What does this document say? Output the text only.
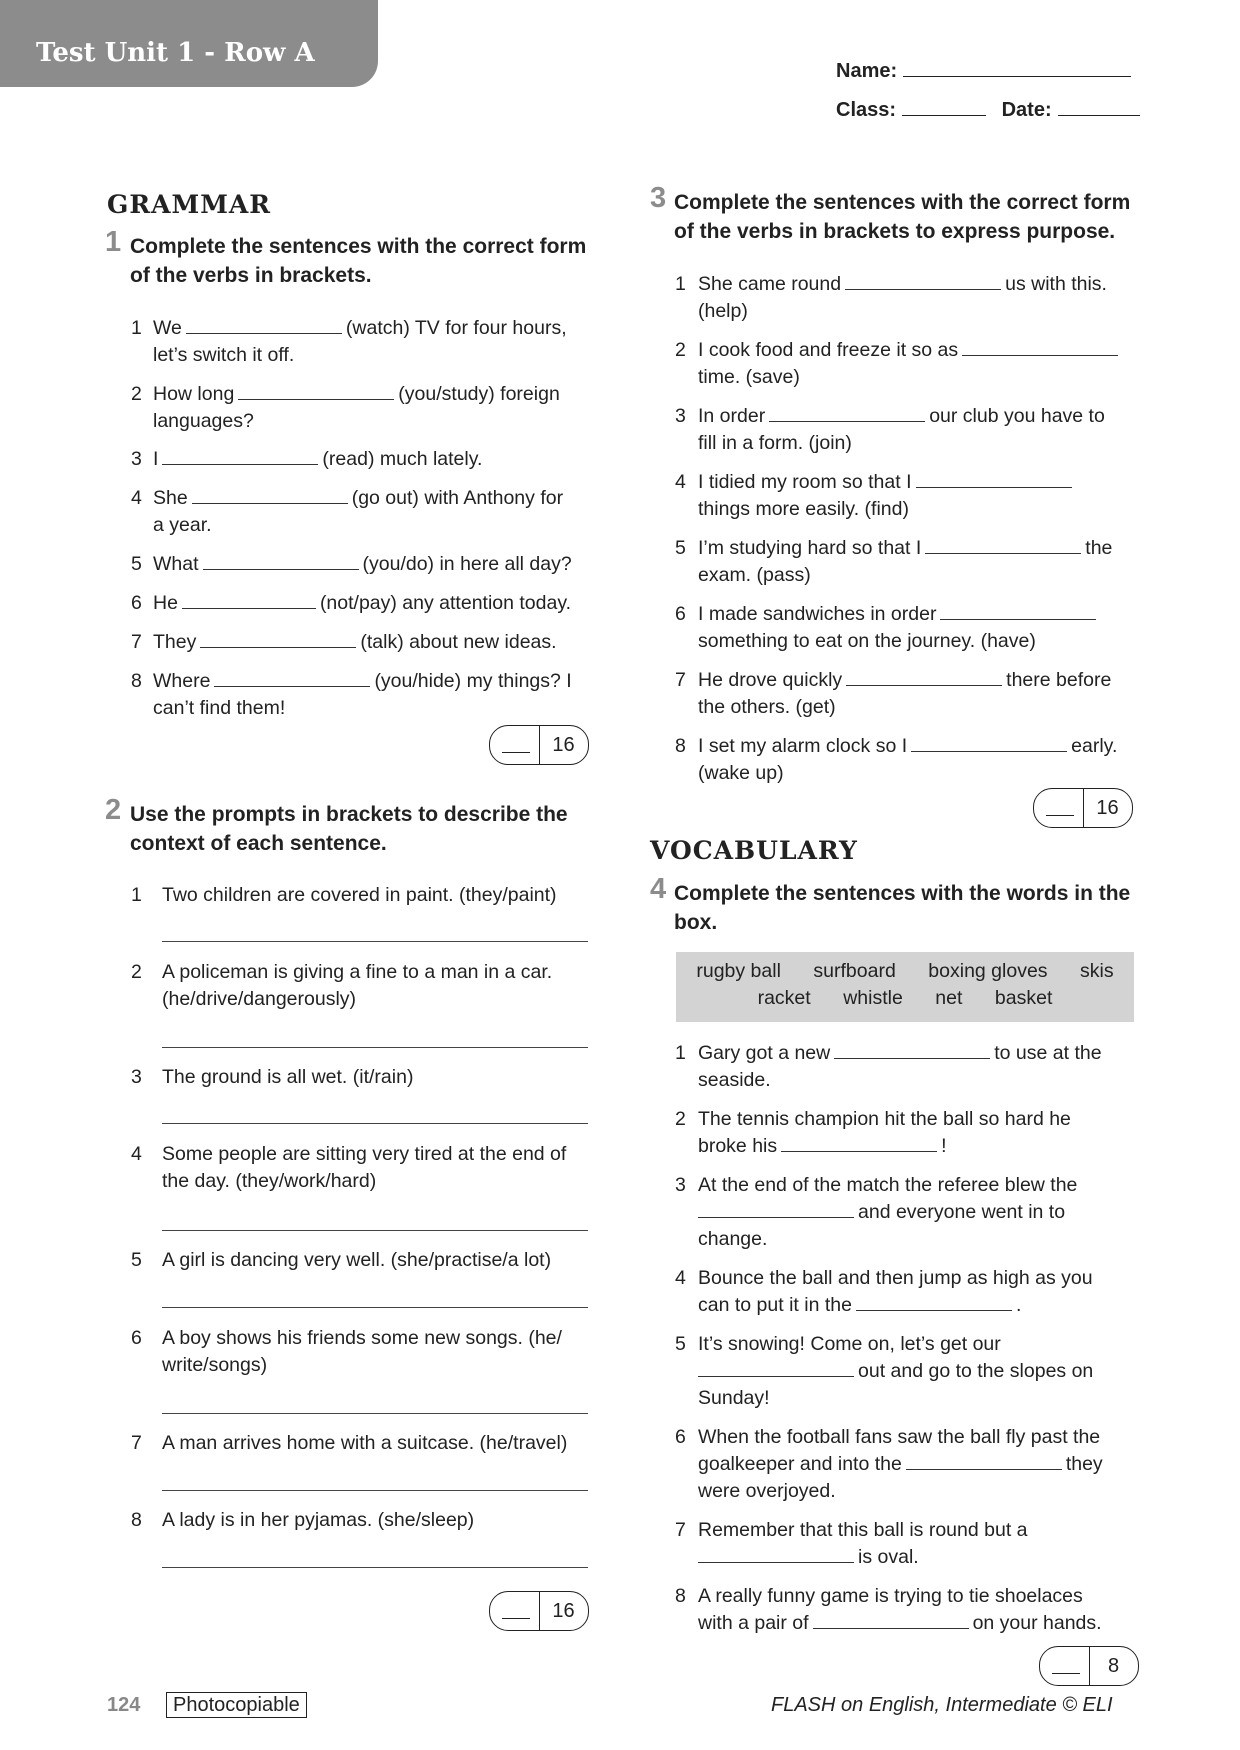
Test Unit 1 - Row A
Name:
Class:	Date:
GRAMMAR
1 Complete the sentences with the correct form
of the verbs in brackets.
1 We	(watch) TV for four hours,
let’s switch it off.
2 How long	(you/study) foreign
languages?
3 I	(read) much lately.
4 She	(go out) with Anthony for
a year.
5 What	(you/do) in here all day?
6 He	(not/pay) any attention today.
7 They	(talk) about new ideas.
8 Where	(you/hide) my things? I
can’t find them!
16
2 Use the prompts in brackets to describe the
context of each sentence.
1 Two children are covered in paint. (they/paint)
2 A policeman is giving a fine to a man in a car.
(he/drive/dangerously)
3 The ground is all wet. (it/rain)
4 Some people are sitting very tired at the end of
the day. (they/work/hard)
5 A girl is dancing very well. (she/practise/a lot)
6 A boy shows his friends some new songs. (he/
write/songs)
7 A man arrives home with a suitcase. (he/travel)
8 A lady is in her pyjamas. (she/sleep)
16
3 Complete the sentences with the correct form
of the verbs in brackets to express purpose.
1 She came round	us with this.
(help)
2 I cook food and freeze it so as
time. (save)
3 In order	our club you have to
fill in a form. (join)
4 I tidied my room so that I
things more easily. (find)
5 I’m studying hard so that I	the
exam. (pass)
6 I made sandwiches in order
something to eat on the journey. (have)
7 He drove quickly	there before
the others. (get)
8 I set my alarm clock so I	early.
(wake up)
16
VOCABULARY
4 Complete the sentences with the words in the
box.
rugby ball      surfboard      boxing gloves      skis
racket      whistle      net      basket
1 Gary got a new	to use at the
seaside.
2 The tennis champion hit the ball so hard he
broke his	!
3 At the end of the match the referee blew the
and everyone went in to
change.
4 Bounce the ball and then jump as high as you
can to put it in the	.
5 It’s snowing! Come on, let’s get our
out and go to the slopes on
Sunday!
6 When the football fans saw the ball fly past the
goalkeeper and into the	they
were overjoyed.
7 Remember that this ball is round but a
is oval.
8 A really funny game is trying to tie shoelaces
with a pair of	on your hands.
8
124	Photocopiable	FLASH on English, Intermediate © ELI
